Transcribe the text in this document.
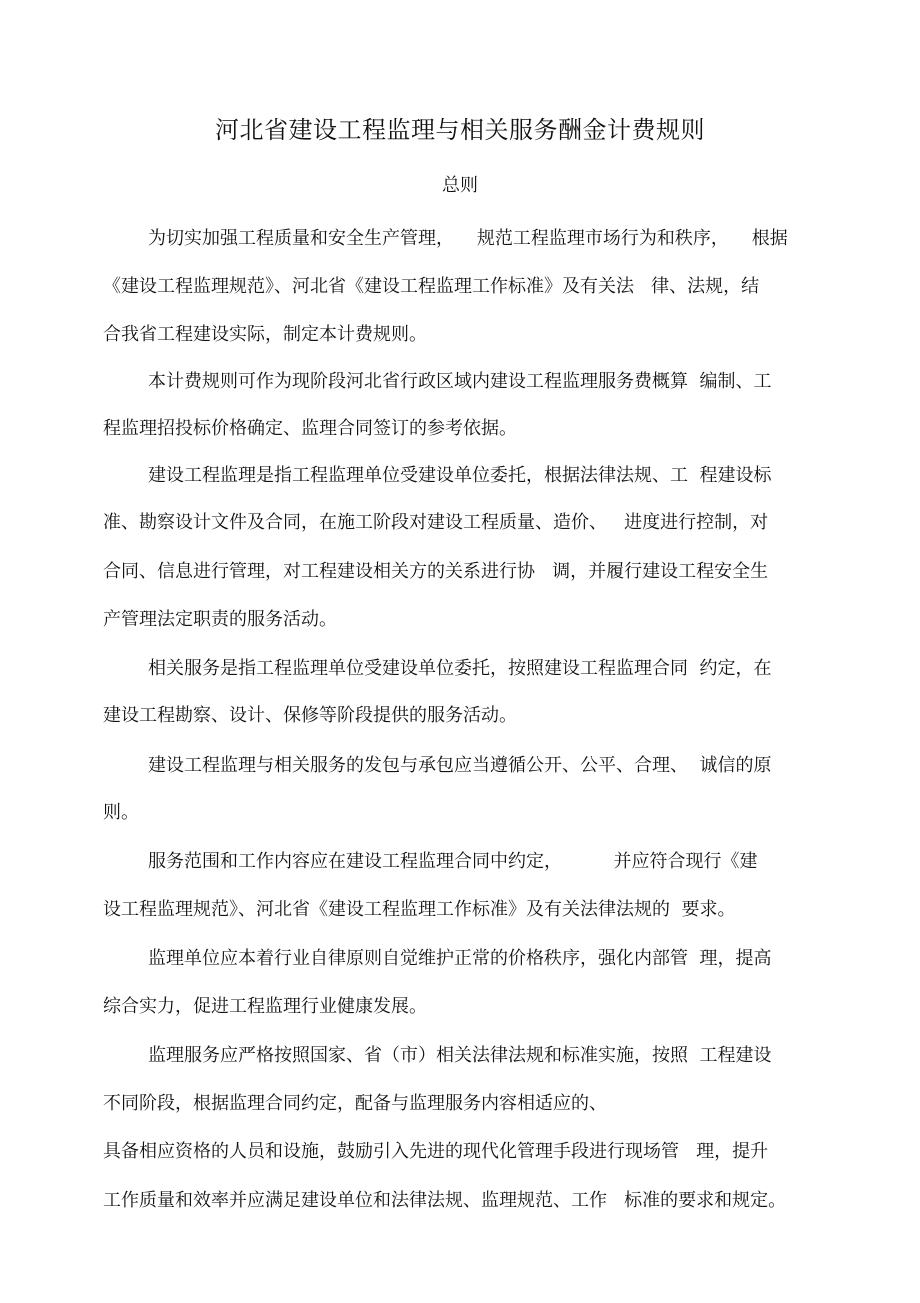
河北省建设工程监理与相关服务酬金计费规则
总则
为切实加强工程质量和安全生产管理，    规范工程监理市场行为和秩序，    根据
《建设工程监理规范》、河北省《建设工程监理工作标准》及有关法   律、法规，结
合我省工程建设实际，制定本计费规则。
本计费规则可作为现阶段河北省行政区域内建设工程监理服务费概算  编制、工
程监理招投标价格确定、监理合同签订的参考依据。
建设工程监理是指工程监理单位受建设单位委托，根据法律法规、工  程建设标
准、勘察设计文件及合同，在施工阶段对建设工程质量、造价、   进度进行控制，对
合同、信息进行管理，对工程建设相关方的关系进行协   调，并履行建设工程安全生
产管理法定职责的服务活动。
相关服务是指工程监理单位受建设单位委托，按照建设工程监理合同  约定，在
建设工程勘察、设计、保修等阶段提供的服务活动。
建设工程监理与相关服务的发包与承包应当遵循公开、公平、合理、  诚信的原
则。
服务范围和工作内容应在建设工程监理合同中约定，         并应符合现行《建
设工程监理规范》、河北省《建设工程监理工作标准》及有关法律法规的  要求。
监理单位应本着行业自律原则自觉维护正常的价格秩序，强化内部管  理，提高
综合实力，促进工程监理行业健康发展。
监理服务应严格按照国家、省（市）相关法律法规和标准实施，按照  工程建设
不同阶段，根据监理合同约定，配备与监理服务内容相适应的、
具备相应资格的人员和设施，鼓励引入先进的现代化管理手段进行现场管   理，提升
工作质量和效率并应满足建设单位和法律法规、监理规范、工作   标准的要求和规定。
